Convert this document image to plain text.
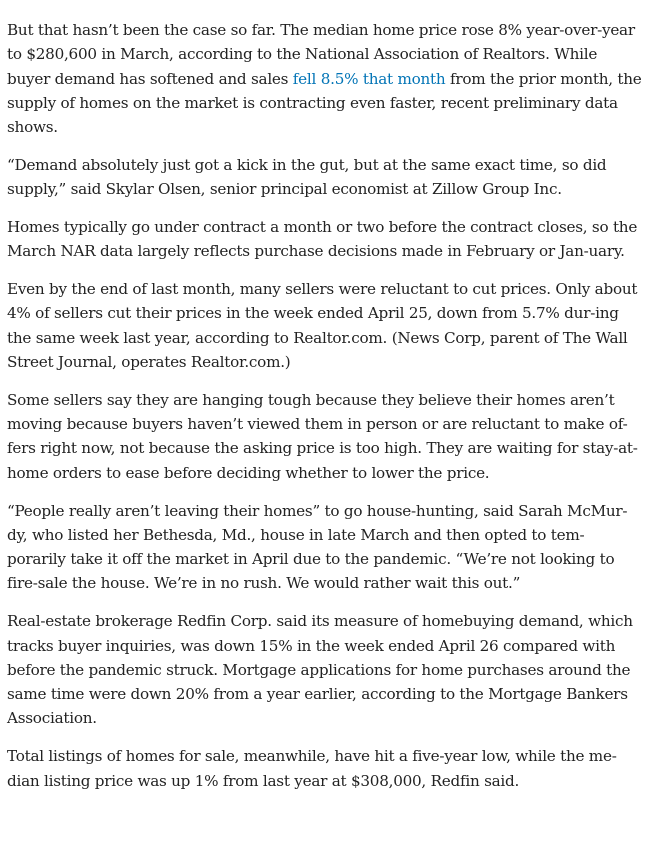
But that hasn’t been the case so far. The median home price rose 8% year-over-year to $280,600 in March, according to the National Association of Realtors. While buyer demand has softened and sales fell 8.5% that month from the prior month, the supply of homes on the market is contracting even faster, recent preliminary data shows.

“Demand absolutely just got a kick in the gut, but at the same exact time, so did supply,” said Skylar Olsen, senior principal economist at Zillow Group Inc.

Homes typically go under contract a month or two before the contract closes, so the March NAR data largely reflects purchase decisions made in February or Jan-uary.

Even by the end of last month, many sellers were reluctant to cut prices. Only about 4% of sellers cut their prices in the week ended April 25, down from 5.7% dur-ing the same week last year, according to Realtor.com. (News Corp, parent of The Wall Street Journal, operates Realtor.com.)

Some sellers say they are hanging tough because they believe their homes aren’t moving because buyers haven’t viewed them in person or are reluctant to make of-fers right now, not because the asking price is too high. They are waiting for stay-at-home orders to ease before deciding whether to lower the price.

“People really aren’t leaving their homes” to go house-hunting, said Sarah McMur-dy, who listed her Bethesda, Md., house in late March and then opted to tem-porarily take it off the market in April due to the pandemic. “We’re not looking to fire-sale the house. We’re in no rush. We would rather wait this out.”

Real-estate brokerage Redfin Corp. said its measure of homebuying demand, which tracks buyer inquiries, was down 15% in the week ended April 26 compared with before the pandemic struck. Mortgage applications for home purchases around the same time were down 20% from a year earlier, according to the Mortgage Bankers Association.

Total listings of homes for sale, meanwhile, have hit a five-year low, while the me-dian listing price was up 1% from last year at $308,000, Redfin said.
